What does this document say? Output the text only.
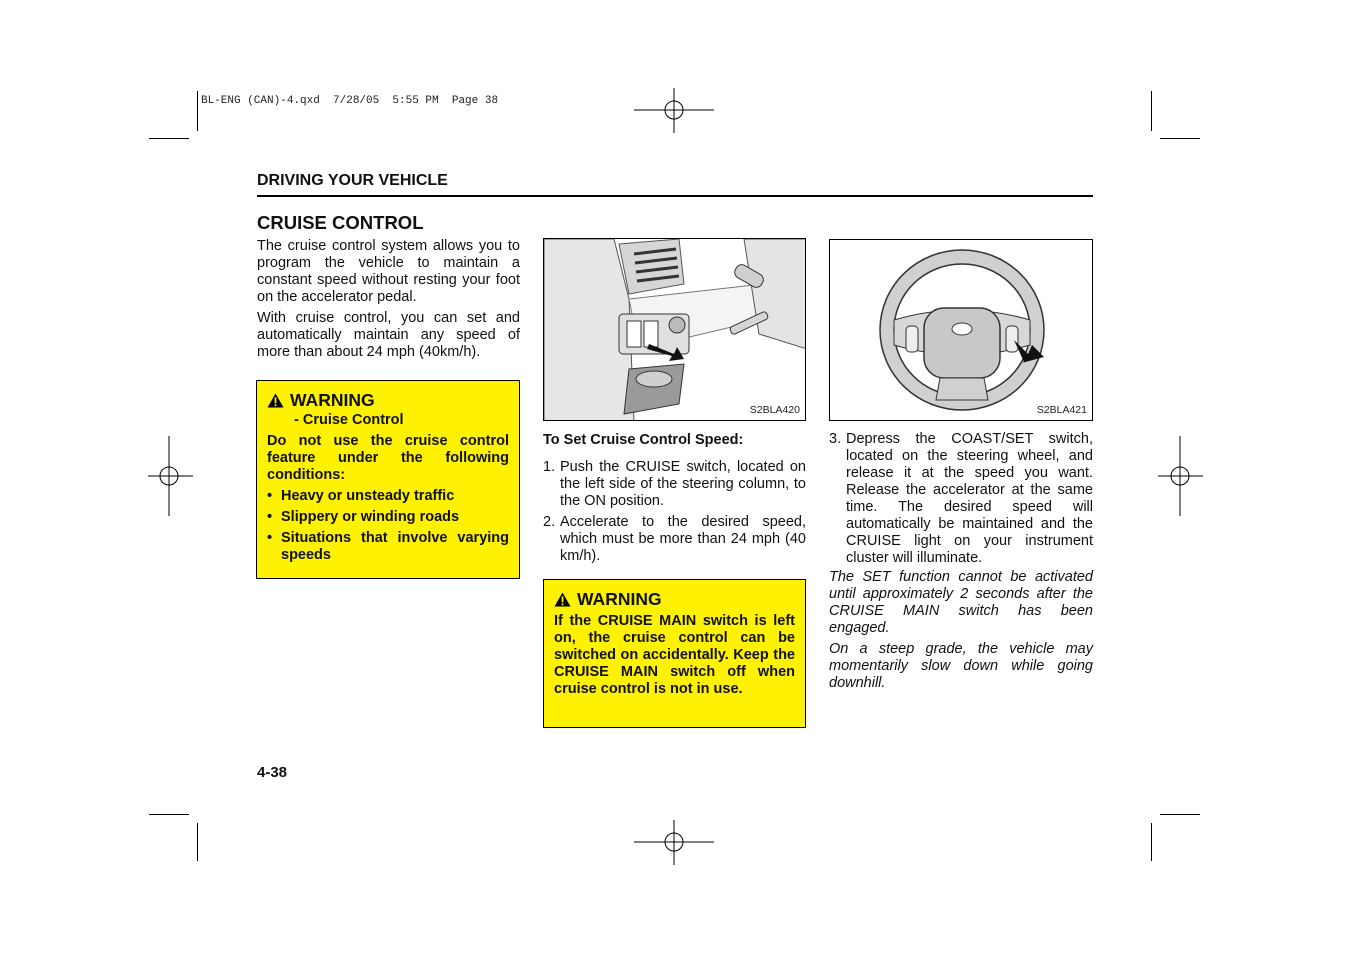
BL-ENG (CAN)-4.qxd  7/28/05  5:55 PM  Page 38
DRIVING YOUR VEHICLE
CRUISE CONTROL
The cruise control system allows you to program the vehicle to maintain a constant speed without resting your foot on the accelerator pedal.
With cruise control, you can set and automatically maintain any speed of more than about 24 mph (40km/h).
WARNING
- Cruise Control
Do not use the cruise control feature under the following conditions:
• Heavy or unsteady traffic
• Slippery or winding roads
• Situations that involve varying speeds
S2BLA420
To Set Cruise Control Speed:
1. Push the CRUISE switch, located on the left side of the steering column, to the ON position.
2. Accelerate to the desired speed, which must be more than 24 mph (40 km/h).
WARNING
If the CRUISE MAIN switch is left on, the cruise control can be switched on accidentally. Keep the CRUISE MAIN switch off when cruise control is not in use.
S2BLA421
3. Depress the COAST/SET switch, located on the steering wheel, and release it at the speed you want. Release the accelerator at the same time. The desired speed will automatically be maintained and the CRUISE light on your instrument cluster will illuminate.
The SET function cannot be activated until approximately 2 seconds after the CRUISE MAIN switch has been engaged.
On a steep grade, the vehicle may momentarily slow down while going downhill.
4-38
